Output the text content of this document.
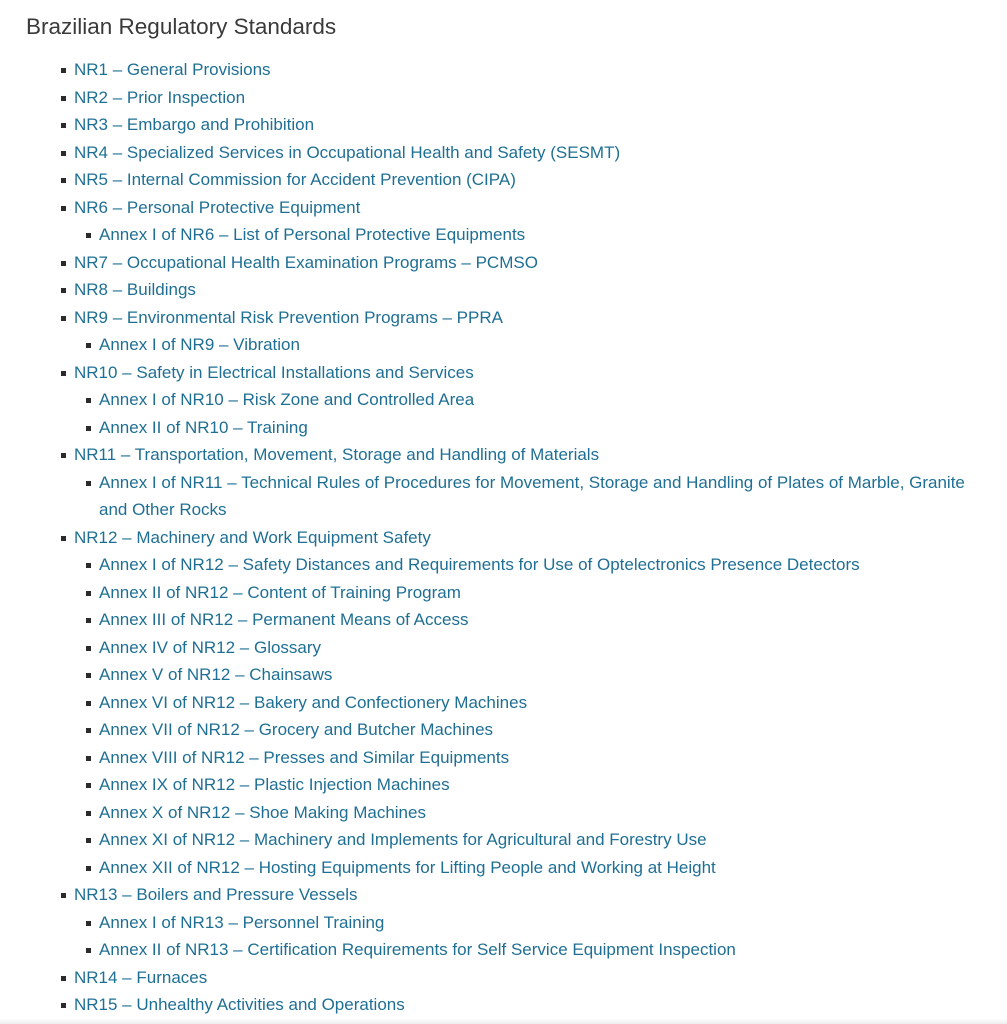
Brazilian Regulatory Standards
NR1 – General Provisions
NR2 – Prior Inspection
NR3 – Embargo and Prohibition
NR4 – Specialized Services in Occupational Health and Safety (SESMT)
NR5 – Internal Commission for Accident Prevention (CIPA)
NR6 – Personal Protective Equipment
Annex I of NR6 – List of Personal Protective Equipments
NR7 – Occupational Health Examination Programs – PCMSO
NR8 – Buildings
NR9 – Environmental Risk Prevention Programs – PPRA
Annex I of NR9 – Vibration
NR10 – Safety in Electrical Installations and Services
Annex I of NR10 – Risk Zone and Controlled Area
Annex II of NR10 – Training
NR11 – Transportation, Movement, Storage and Handling of Materials
Annex I of NR11 – Technical Rules of Procedures for Movement, Storage and Handling of Plates of Marble, Granite and Other Rocks
NR12 – Machinery and Work Equipment Safety
Annex I of NR12 – Safety Distances and Requirements for Use of Optelectronics Presence Detectors
Annex II of NR12 – Content of Training Program
Annex III of NR12 – Permanent Means of Access
Annex IV of NR12 – Glossary
Annex V of NR12 – Chainsaws
Annex VI of NR12 – Bakery and Confectionery Machines
Annex VII of NR12 – Grocery and Butcher Machines
Annex VIII of NR12 – Presses and Similar Equipments
Annex IX of NR12 – Plastic Injection Machines
Annex X of NR12 – Shoe Making Machines
Annex XI of NR12 – Machinery and Implements for Agricultural and Forestry Use
Annex XII of NR12 – Hosting Equipments for Lifting People and Working at Height
NR13 – Boilers and Pressure Vessels
Annex I of NR13 – Personnel Training
Annex II of NR13 – Certification Requirements for Self Service Equipment Inspection
NR14 – Furnaces
NR15 – Unhealthy Activities and Operations
